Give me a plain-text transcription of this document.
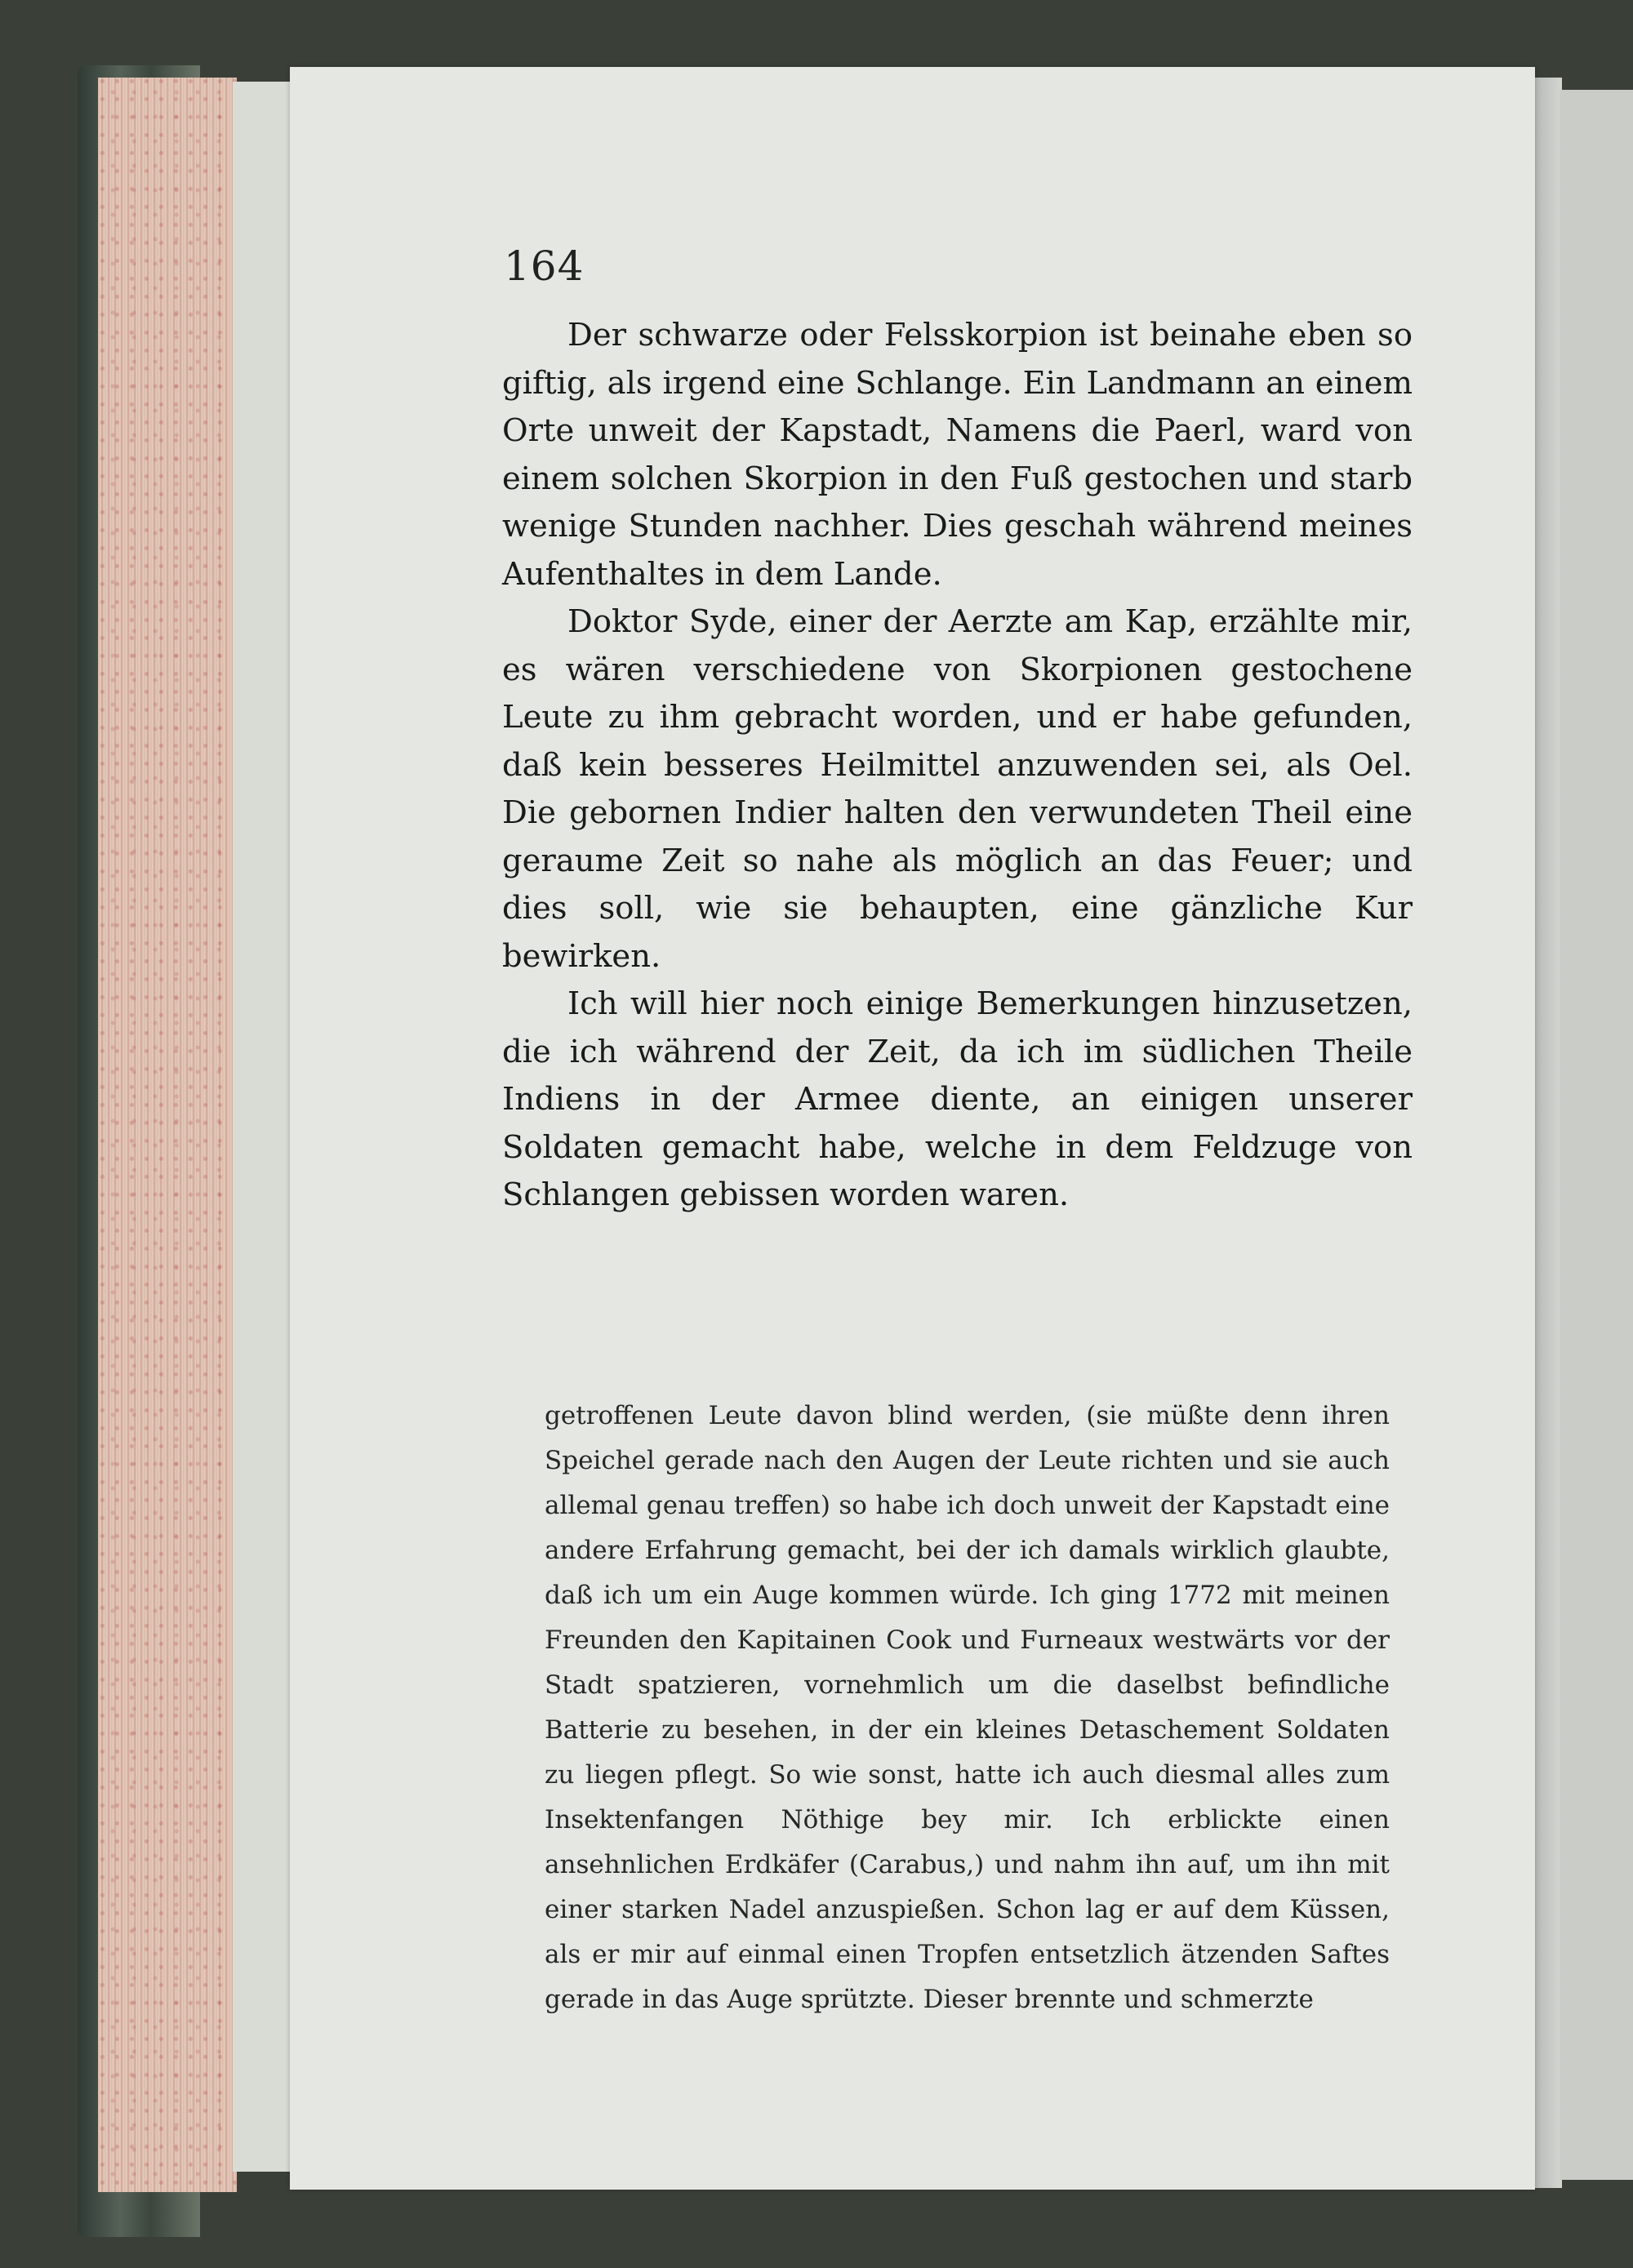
164

Der schwarze oder Felsskorpion ist beinahe eben so giftig, als irgend eine Schlange. Ein Landmann an einem Orte unweit der Kapstadt, Namens die Paerl, ward von einem solchen Skorpion in den Fuß gestochen und starb wenige Stunden nachher. Dies geschah während meines Aufenthaltes in dem Lande.

Doktor Syde, einer der Aerzte am Kap, erzählte mir, es wären verschiedene von Skorpionen gestochene Leute zu ihm gebracht worden, und er habe gefunden, daß kein besseres Heilmittel anzuwenden sei, als Oel. Die gebornen Indier halten den verwundeten Theil eine geraume Zeit so nahe als möglich an das Feuer; und dies soll, wie sie behaupten, eine gänzliche Kur bewirken.

Ich will hier noch einige Bemerkungen hinzusetzen, die ich während der Zeit, da ich im südlichen Theile Indiens in der Armee diente, an einigen unserer Soldaten gemacht habe, welche in dem Feldzuge von Schlangen gebissen worden waren.

getroffenen Leute davon blind werden, (sie müßte denn ihren Speichel gerade nach den Augen der Leute richten und sie auch allemal genau treffen) so habe ich doch unweit der Kapstadt eine andere Erfahrung gemacht, bei der ich damals wirklich glaubte, daß ich um ein Auge kommen würde. Ich ging 1772 mit meinen Freunden den Kapitainen Cook und Furneaux westwärts vor der Stadt spatzieren, vornehmlich um die daselbst befindliche Batterie zu besehen, in der ein kleines Detaschement Soldaten zu liegen pflegt. So wie sonst, hatte ich auch diesmal alles zum Insektenfangen Nöthige bey mir. Ich erblickte einen ansehnlichen Erdkäfer (Carabus,) und nahm ihn auf, um ihn mit einer starken Nadel anzuspießen. Schon lag er auf dem Küssen, als er mir auf einmal einen Tropfen entsetzlich ätzenden Saftes gerade in das Auge sprützte. Dieser brennte und schmerzte
